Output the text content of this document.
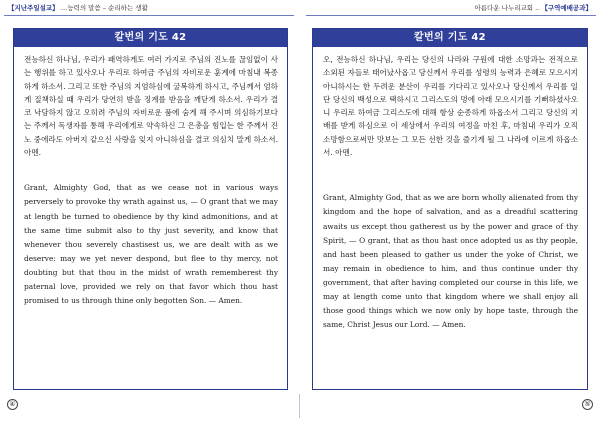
【지난주일설교】 …능력의 말씀 – 순리하는 생활
칼번의 기도 42

전능하신 하나님, 우리가 패역하게도 여러 가지로 주님의 진노를 끊임없이 사는 행위를 하고 있사오나 우리로 하여금 주님의 자비로운 훈계에 마침내 복종하게 하소서. 그리고 또한 주님의 지엄하심에 굴복하게 하시고, 주님께서 엄하게 질책하실 때 우리가 당연히 받을 징계를 받음을 깨닫게 하소서. 우리가 결코 낙담하지 않고 오히려 주님의 자비로운 품에 숨게 해 주시며 의심하기보다는 주께서 독생자를 통해 우리에게로 약속하신 그 은총을 힘입는 한 주께서 진노 중에라도 아버지 같으신 사랑을 잊지 아니하심을 결코 의심치 말게 하소서. 아멘.

Grant, Almighty God, that as we cease not in various ways perversely to provoke thy wrath against us, — O grant that we may at length be turned to obedience by thy kind admonitions, and at the same time submit also to thy just severity, and know that whenever thou severely chastisest us, we are dealt with as we deserve: may we yet never despond, but flee to thy mercy, not doubting but that thou in the midst of wrath rememberest thy paternal love, provided we rely on that favor which thou hast promised to us through thine only begotten Son. — Amen.

④
아름다운 나누리교회 .. 【구역예배공과】
칼번의 기도 42

오, 전능하신 하나님, 우리는 당신의 나라와 구원에 대한 소망과는 전적으로 소외된 자들로 태어났사옵고 당신께서 우리를 성령의 능력과 은혜로 모으시지 아니하시는 한 두려운 분산이 우리를 기다리고 있사오나 당신께서 우리를 일단 당신의 백성으로 택하시고 그리스도의 멍에 아래 모으시기를 기뻐하셨사오니 우리로 하여금 그리스도에 대해 항상 순종하게 하옵소서 그리고 당신의 지배를 받게 하심으로 이 세상에서 우리의 여정을 마친 후, 마침내 우리가 오직 소망함으로써만 맛보는 그 모든 선한 것을 즐기게 될 그 나라에 이르게 하옵소서. 아멘.

Grant, Almighty God, that as we are born wholly alienated from thy kingdom and the hope of salvation, and as a dreadful scattering awaits us except thou gatherest us by the power and grace of thy Spirit, — O grant, that as thou hast once adopted us as thy people, and hast been pleased to gather us under the yoke of Christ, we may remain in obedience to him, and thus continue under thy government, that after having completed our course in this life, we may at length come unto that kingdom where we shall enjoy all those good things which we now only by hope taste, through the same, Christ Jesus our Lord. — Amen.

⑤
